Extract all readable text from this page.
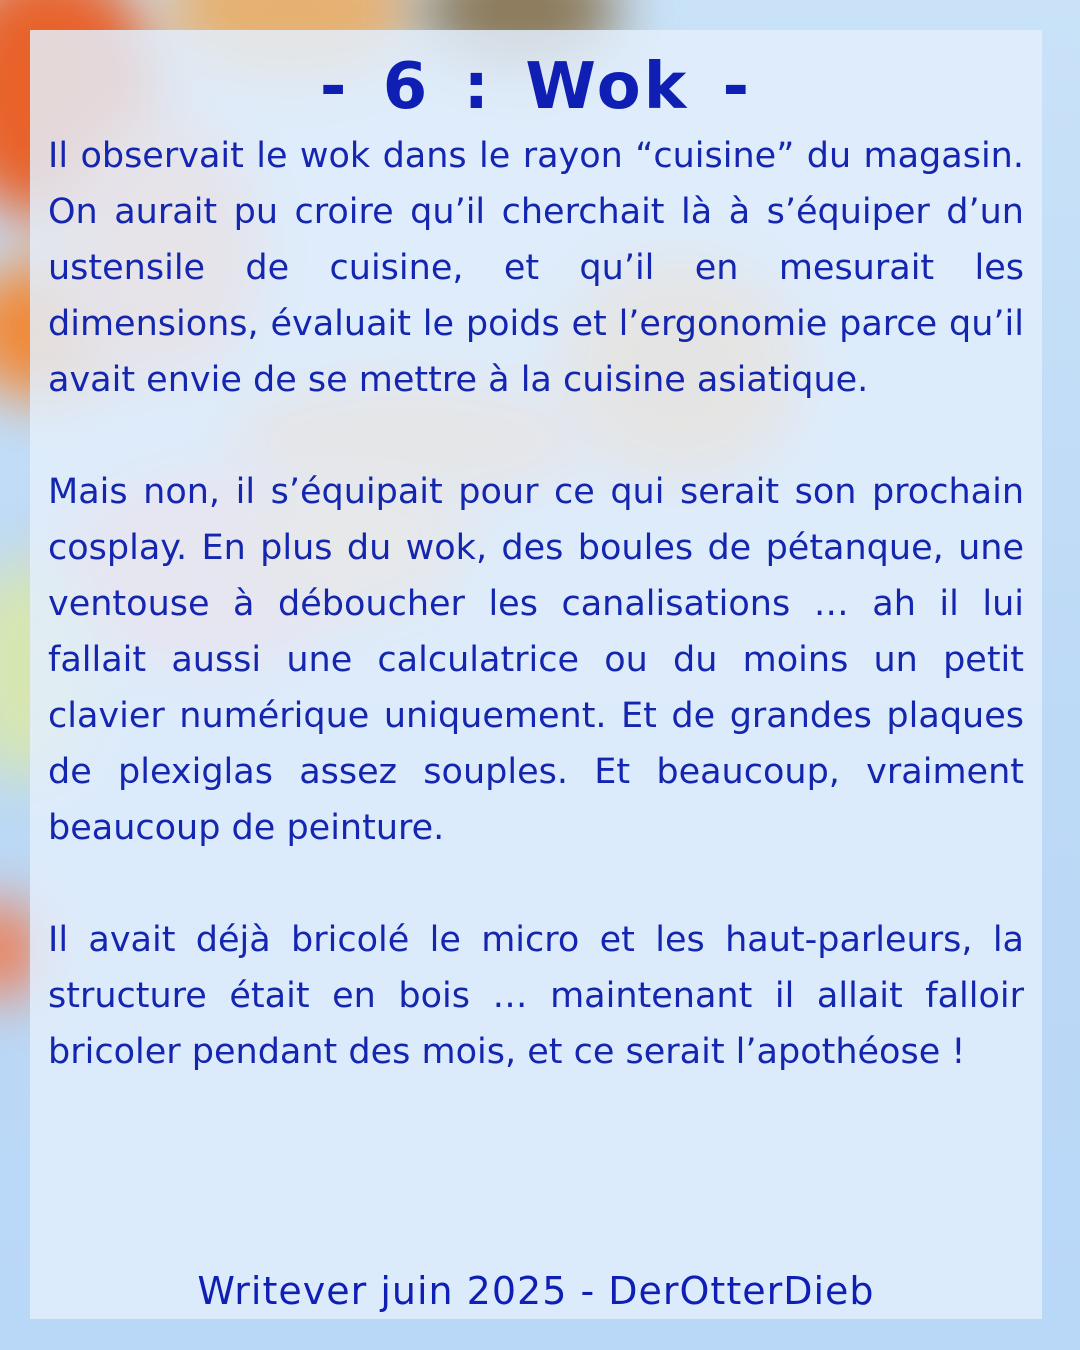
- 6 : Wok -

Il observait le wok dans le rayon “cuisine” du magasin. On aurait pu croire qu’il cherchait là à s’équiper d’un ustensile de cuisine, et qu’il en mesurait les dimensions, évaluait le poids et l’ergonomie parce qu’il avait envie de se mettre à la cuisine asiatique.

Mais non, il s’équipait pour ce qui serait son prochain cosplay. En plus du wok, des boules de pétanque, une ventouse à déboucher les canalisations … ah il lui fallait aussi une calculatrice ou du moins un petit clavier numérique uniquement. Et de grandes plaques de plexiglas assez souples. Et beaucoup, vraiment beaucoup de peinture.

Il avait déjà bricolé le micro et les haut-parleurs, la structure était en bois … maintenant il allait falloir bricoler pendant des mois, et ce serait l’apothéose !

Writever juin 2025 - DerOtterDieb
